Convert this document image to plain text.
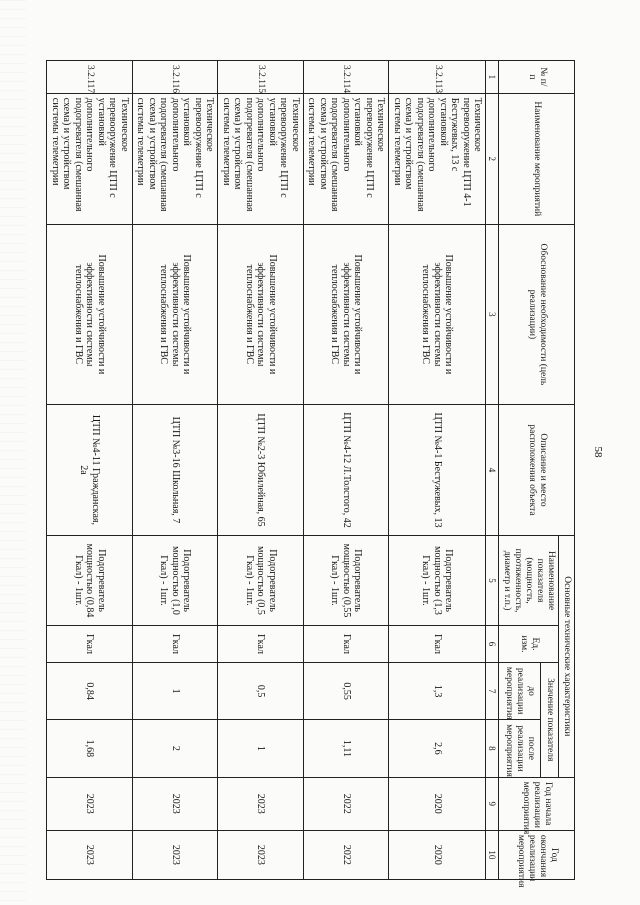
58
№ п/п	Наименование мероприятий	Обоснование необходимости (цель реализации)	Описание и место расположения объекта	Основные технические характеристики				Год начала реализации мероприятия	Год окончания реализации мероприятия
				Наименование показателя (мощность, протяженность, диаметр и т.п.)	Ед. изм.	Значение показателя			
						до реализации мероприятия	после реализации мероприятия		
1	2	3	4	5	6	7	8	9	10
3.2.113	Техническое перевооружение ЦТП 4-1 Бестужевых, 13 с установкой дополнительного подогревателя (смешанная схема) и устройством системы телеметрии	Повышение устойчивости и эффективности системы теплоснабжения и ГВС	ЦТП №4-1 Бестужевых, 13	Подогреватель мощностью (1,3 Гкал) - 1шт.	Гкал	1,3	2,6	2020	2020
3.2.114	Техническое перевооружение ЦТП с установкой дополнительного подогревателя (смешанная схема) и устройством системы телеметрии	Повышение устойчивости и эффективности системы теплоснабжения и ГВС	ЦТП №4-12 Л.Толстого, 42	Подогреватель мощностью (0,55 Гкал) - 1шт.	Гкал	0,55	1,11	2022	2022
3.2.115	Техническое перевооружение ЦТП с установкой дополнительного подогревателя (смешанная схема) и устройством системы телеметрии	Повышение устойчивости и эффективности системы теплоснабжения и ГВС	ЦТП №2-3 Юбилейная, 65	Подогреватель мощностью (0,5 Гкал) - 1шт.	Гкал	0,5	1	2023	2023
3.2.116	Техническое перевооружение ЦТП с установкой дополнительного подогревателя (смешанная схема) и устройством системы телеметрии	Повышение устойчивости и эффективности системы теплоснабжения и ГВС	ЦТП №3-16 Школьная, 7	Подогреватель мощностью (1,0 Гкал) - 1шт.	Гкал	1	2	2023	2023
3.2.117	Техническое перевооружение ЦТП с установкой дополнительного подогревателя (смешанная схема) и устройством системы телеметрии	Повышение устойчивости и эффективности системы теплоснабжения и ГВС	ЦТП №4-11 Гражданская, 2а	Подогреватель мощностью (0,84 Гкал) - 1шт.	Гкал	0,84	1,68	2023	2023
